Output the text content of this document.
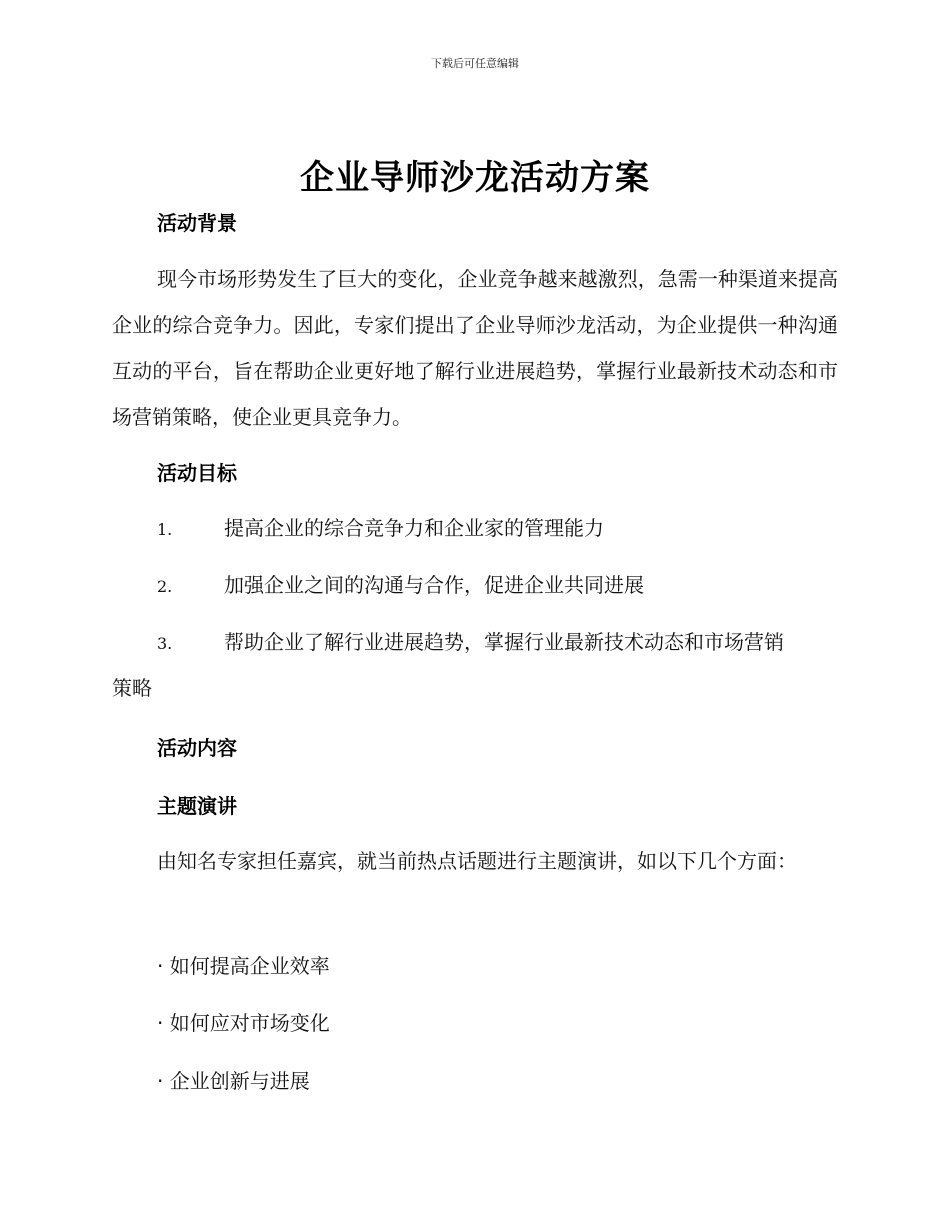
下载后可任意编辑
企业导师沙龙活动方案
活动背景
现今市场形势发生了巨大的变化，企业竞争越来越激烈，急需一种渠道来提高企业的综合竞争力。因此，专家们提出了企业导师沙龙活动，为企业提供一种沟通互动的平台，旨在帮助企业更好地了解行业进展趋势，掌握行业最新技术动态和市场营销策略，使企业更具竞争力。
活动目标
1.	提高企业的综合竞争力和企业家的管理能力
2.	加强企业之间的沟通与合作，促进企业共同进展
3.	帮助企业了解行业进展趋势，掌握行业最新技术动态和市场营销
策略
活动内容
主题演讲
由知名专家担任嘉宾，就当前热点话题进行主题演讲，如以下几个方面：
· 如何提高企业效率
· 如何应对市场变化
· 企业创新与进展
